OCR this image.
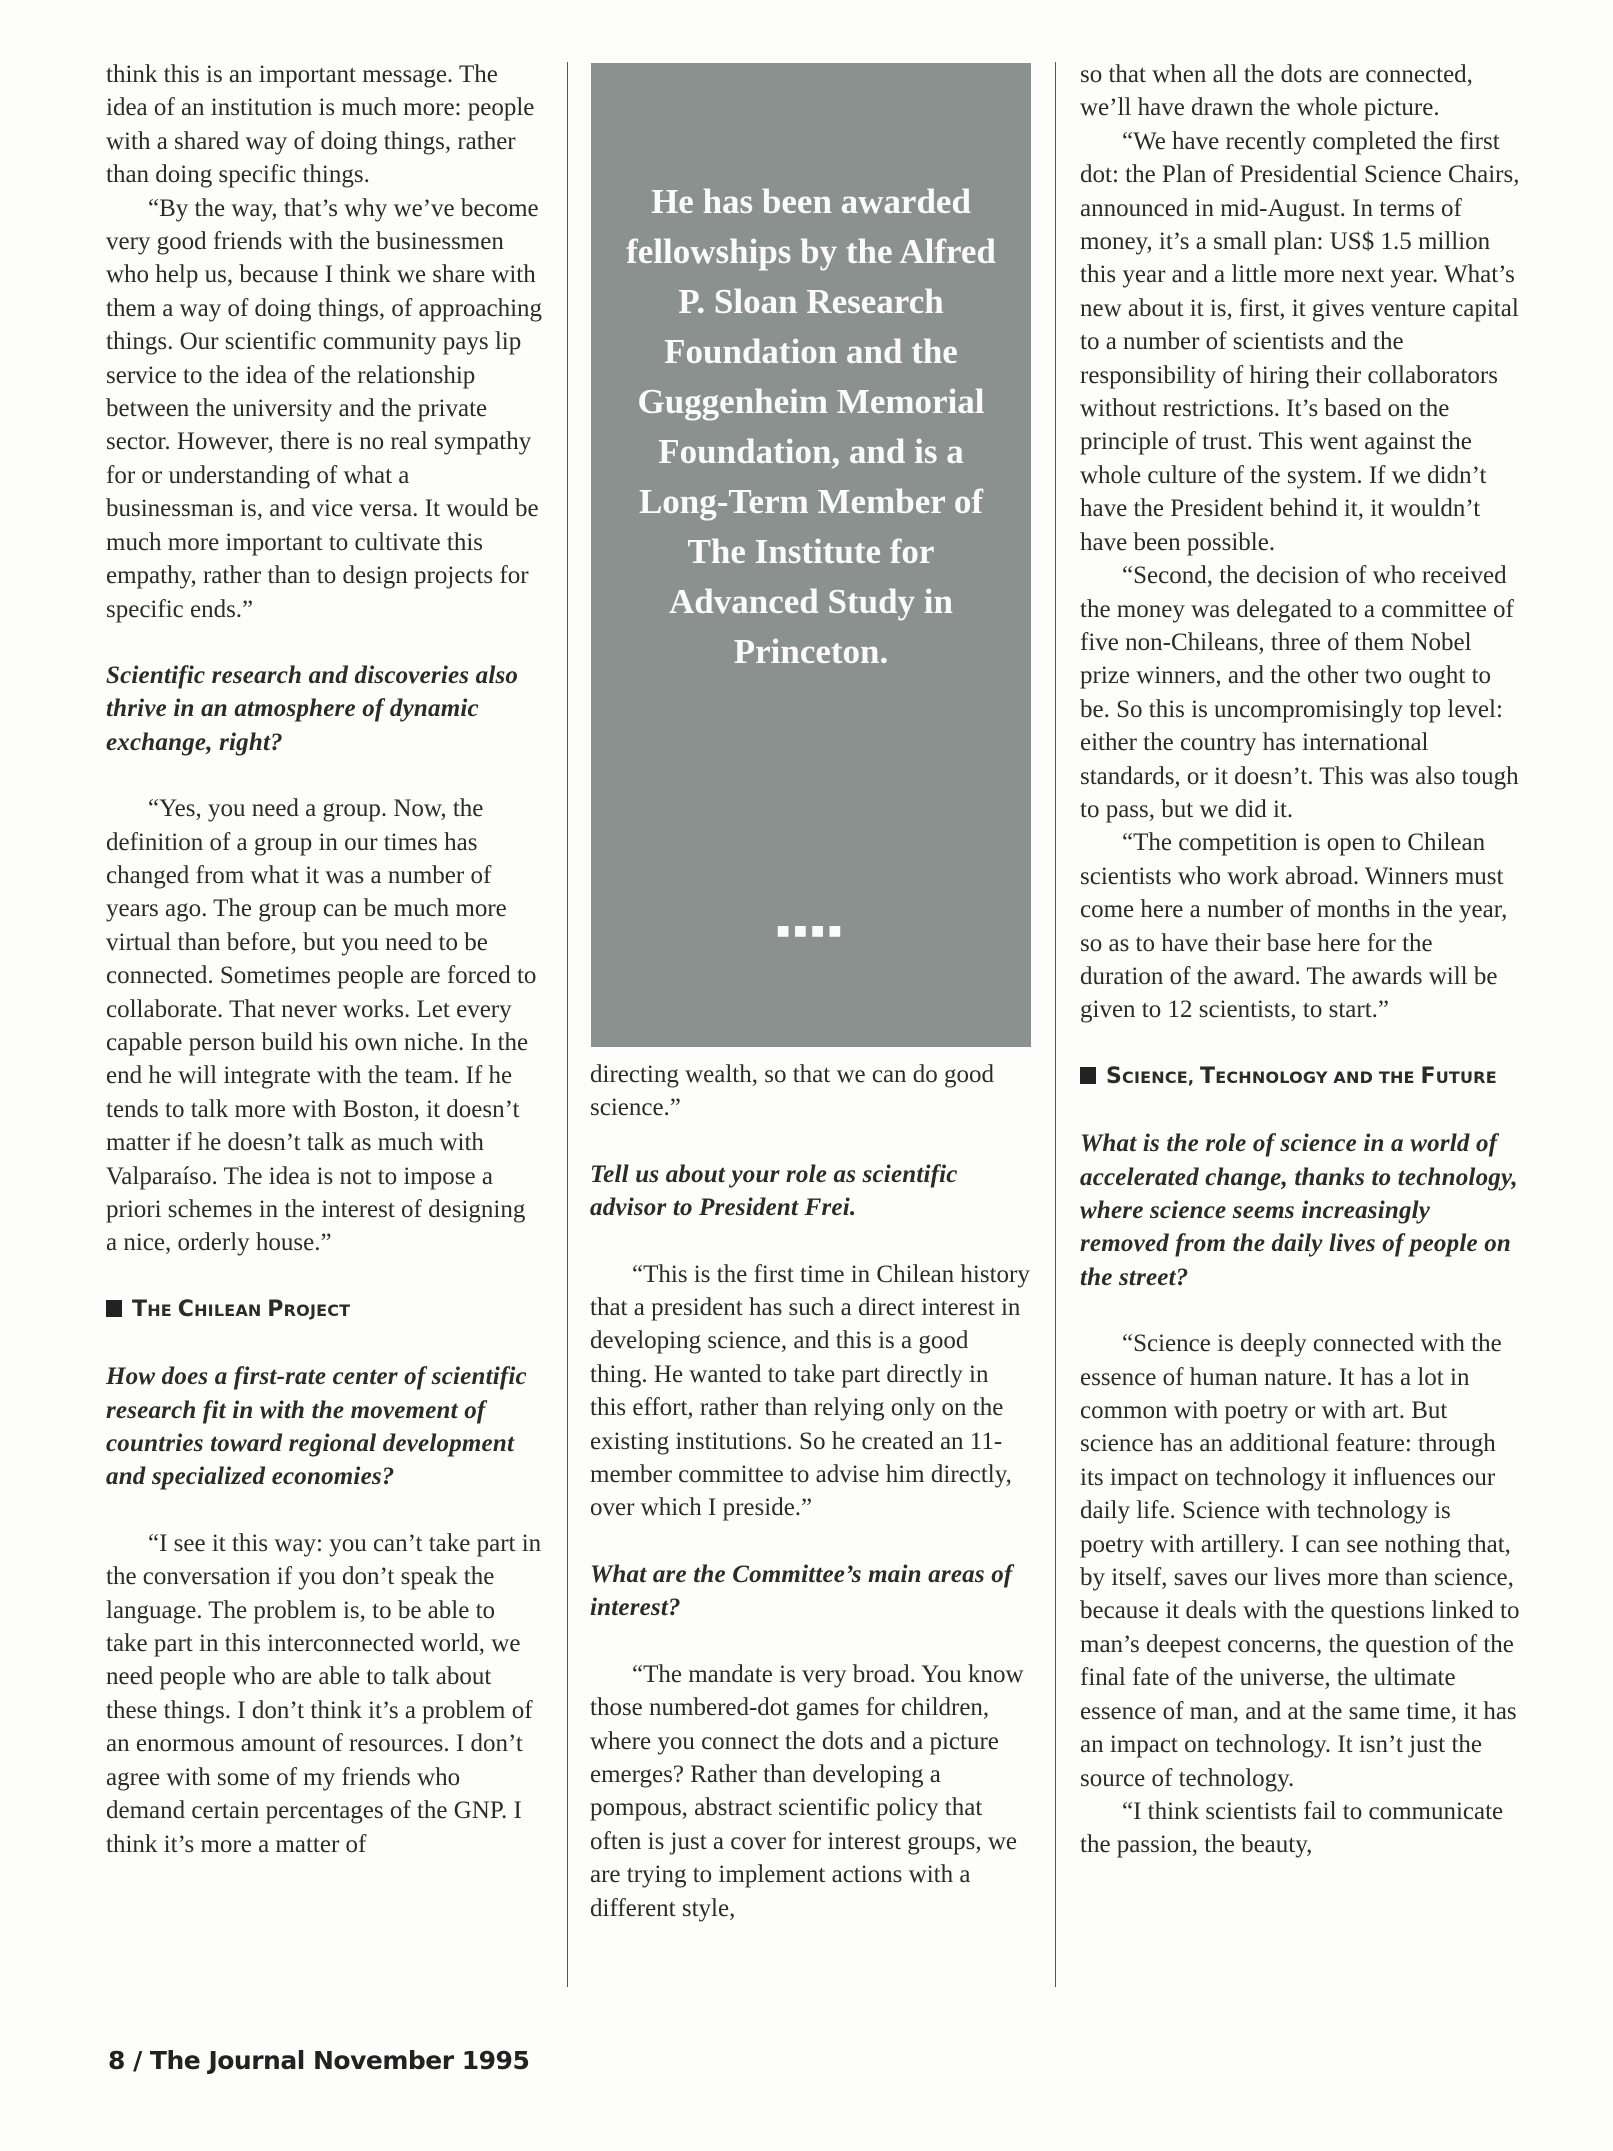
think this is an important message. The idea of an institution is much more: people with a shared way of doing things, rather than doing specific things.

“By the way, that’s why we’ve become very good friends with the businessmen who help us, because I think we share with them a way of doing things, of approaching things. Our scientific community pays lip service to the idea of the relationship between the university and the private sector. However, there is no real sympathy for or understanding of what a businessman is, and vice versa. It would be much more important to cultivate this empathy, rather than to design projects for specific ends.”

Scientific research and discoveries also thrive in an atmosphere of dynamic exchange, right?

“Yes, you need a group. Now, the definition of a group in our times has changed from what it was a number of years ago. The group can be much more virtual than before, but you need to be connected. Sometimes people are forced to collaborate. That never works. Let every capable person build his own niche. In the end he will integrate with the team. If he tends to talk more with Boston, it doesn’t matter if he doesn’t talk as much with Valparaíso. The idea is not to impose a priori schemes in the interest of designing a nice, orderly house.”

THE CHILEAN PROJECT

How does a first-rate center of scientific research fit in with the movement of countries toward regional development and specialized economies?

“I see it this way: you can’t take part in the conversation if you don’t speak the language. The problem is, to be able to take part in this interconnected world, we need people who are able to talk about these things. I don’t think it’s a problem of an enormous amount of resources. I don’t agree with some of my friends who demand certain percentages of the GNP. I think it’s more a matter of

He has been awarded fellowships by the Alfred P. Sloan Research Foundation and the Guggenheim Memorial Foundation, and is a Long-Term Member of The Institute for Advanced Study in Princeton.
■■■■

directing wealth, so that we can do good science.”

Tell us about your role as scientific advisor to President Frei.

“This is the first time in Chilean history that a president has such a direct interest in developing science, and this is a good thing. He wanted to take part directly in this effort, rather than relying only on the existing institutions. So he created an 11-member committee to advise him directly, over which I preside.”

What are the Committee’s main areas of interest?

“The mandate is very broad. You know those numbered-dot games for children, where you connect the dots and a picture emerges? Rather than developing a pompous, abstract scientific policy that often is just a cover for interest groups, we are trying to implement actions with a different style,

so that when all the dots are connected, we’ll have drawn the whole picture.

“We have recently completed the first dot: the Plan of Presidential Science Chairs, announced in mid-August. In terms of money, it’s a small plan: US$ 1.5 million this year and a little more next year. What’s new about it is, first, it gives venture capital to a number of scientists and the responsibility of hiring their collaborators without restrictions. It’s based on the principle of trust. This went against the whole culture of the system. If we didn’t have the President behind it, it wouldn’t have been possible.

“Second, the decision of who received the money was delegated to a committee of five non-Chileans, three of them Nobel prize winners, and the other two ought to be. So this is uncompromisingly top level: either the country has international standards, or it doesn’t. This was also tough to pass, but we did it.

“The competition is open to Chilean scientists who work abroad. Winners must come here a number of months in the year, so as to have their base here for the duration of the award. The awards will be given to 12 scientists, to start.”

SCIENCE, TECHNOLOGY AND THE FUTURE

What is the role of science in a world of accelerated change, thanks to technology, where science seems increasingly removed from the daily lives of people on the street?

“Science is deeply connected with the essence of human nature. It has a lot in common with poetry or with art. But science has an additional feature: through its impact on technology it influences our daily life. Science with technology is poetry with artillery. I can see nothing that, by itself, saves our lives more than science, because it deals with the questions linked to man’s deepest concerns, the question of the final fate of the universe, the ultimate essence of man, and at the same time, it has an impact on technology. It isn’t just the source of technology.

“I think scientists fail to communicate the passion, the beauty,

8 / The Journal November 1995
